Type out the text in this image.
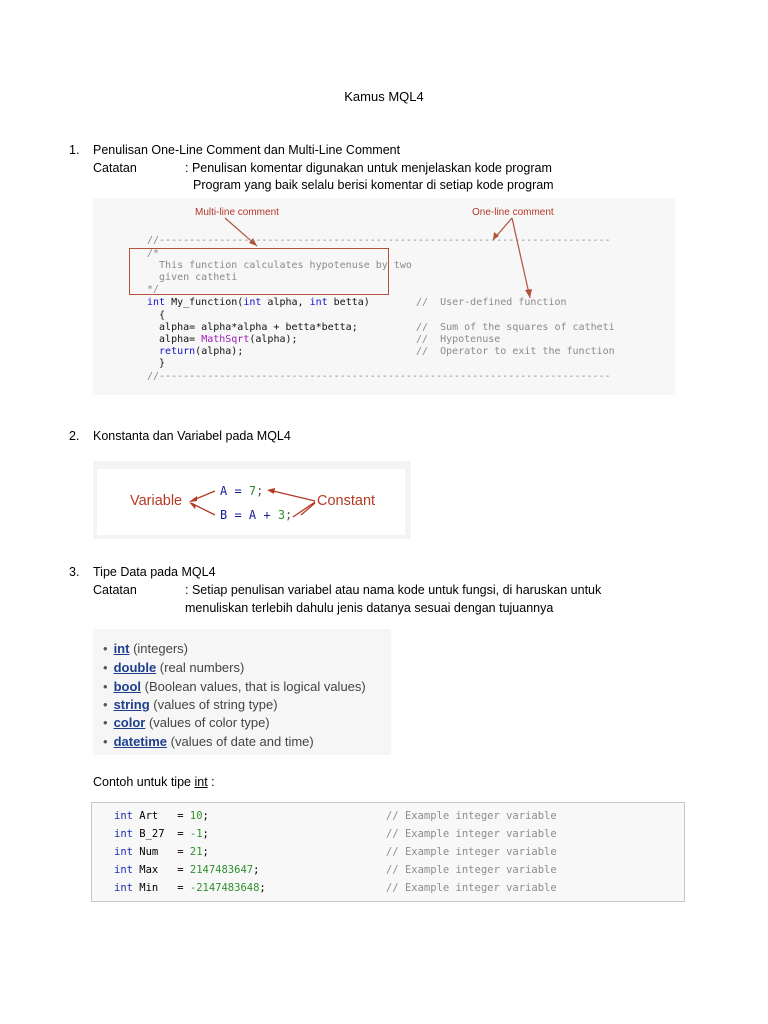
Kamus MQL4
1. Penulisan One-Line Comment dan Multi-Line Comment
Catatan	: Penulisan komentar digunakan untuk menjelaskan kode program
Program yang baik selalu berisi komentar di setiap kode program
Multi-line comment	One-line comment
//---------------------------------------------------------------------------
/*
This function calculates hypotenuse by two
given catheti
*/
int My_function(int alpha, int betta)	//  User-defined function
{
alpha= alpha*alpha + betta*betta;	//  Sum of the squares of catheti
alpha= MathSqrt(alpha);	//  Hypotenuse
return(alpha);	//  Operator to exit the function
}
//---------------------------------------------------------------------------
2. Konstanta dan Variabel pada MQL4
Variable	Constant
A = 7;
B = A + 3;
3. Tipe Data pada MQL4
Catatan	: Setiap penulisan variabel atau nama kode untuk fungsi, di haruskan untuk
menuliskan terlebih dahulu jenis datanya sesuai dengan tujuannya
• int (integers)
• double (real numbers)
• bool (Boolean values, that is logical values)
• string (values of string type)
• color (values of color type)
• datetime (values of date and time)
Contoh untuk tipe int :
int Art   = 10;	// Example integer variable
int B_27  = -1;	// Example integer variable
int Num   = 21;	// Example integer variable
int Max   = 2147483647;	// Example integer variable
int Min   = -2147483648;	// Example integer variable
